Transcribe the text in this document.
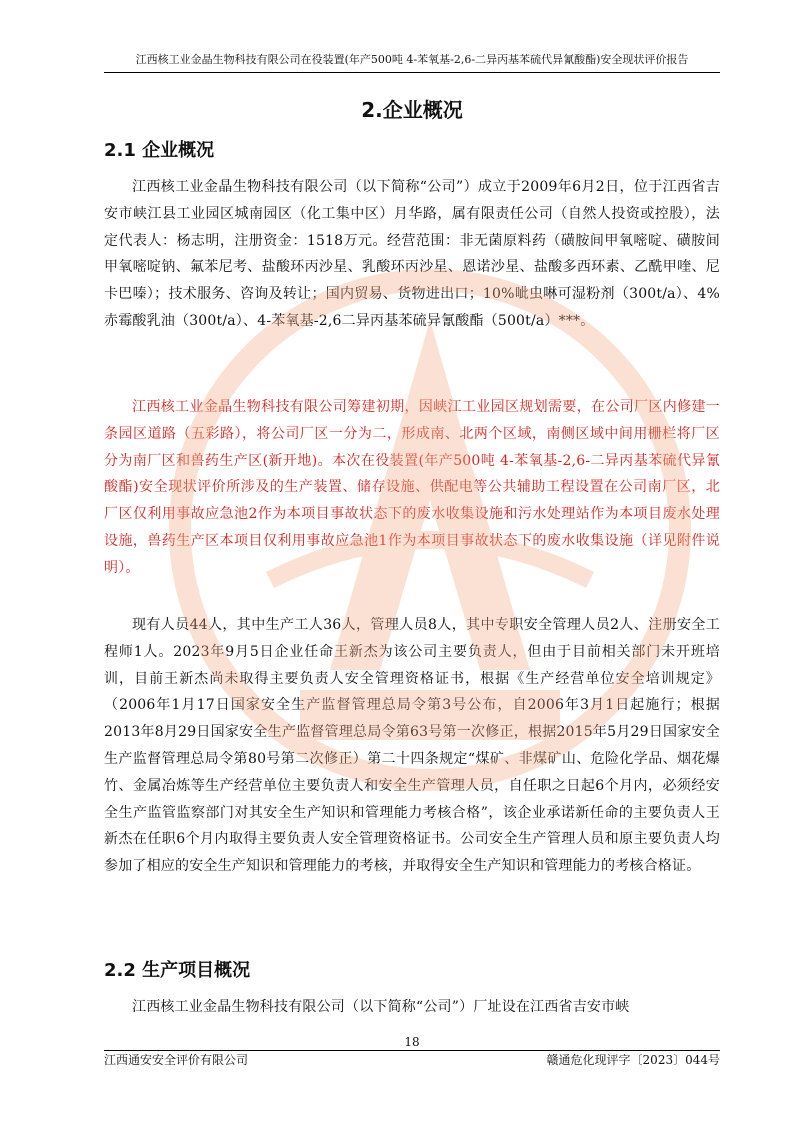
江西核工业金晶生物科技有限公司在役装置(年产500吨 4-苯氧基-2,6-二异丙基苯硫代异氰酸酯)安全现状评价报告
2.企业概况
2.1 企业概况

江西核工业金晶生物科技有限公司（以下简称“公司”）成立于2009年6月2日，位于江西省吉安市峡江县工业园区城南园区（化工集中区）月华路，属有限责任公司（自然人投资或控股），法定代表人：杨志明，注册资金：1518万元。经营范围：非无菌原料药（磺胺间甲氧嘧啶、磺胺间甲氧嘧啶钠、氟苯尼考、盐酸环丙沙星、乳酸环丙沙星、恩诺沙星、盐酸多西环素、乙酰甲喹、尼卡巴嗪）；技术服务、咨询及转让；国内贸易、货物进出口；10%呲虫啉可湿粉剂（300t/a）、4%赤霉酸乳油（300t/a）、4-苯氧基-2,6二异丙基苯硫异氰酸酯（500t/a）***。

江西核工业金晶生物科技有限公司筹建初期，因峡江工业园区规划需要，在公司厂区内修建一条园区道路（五彩路），将公司厂区一分为二，形成南、北两个区域，南侧区域中间用栅栏将厂区分为南厂区和兽药生产区(新开地)。本次在役装置(年产500吨 4-苯氧基-2,6-二异丙基苯硫代异氰酸酯)安全现状评价所涉及的生产装置、储存设施、供配电等公共辅助工程设置在公司南厂区，北厂区仅利用事故应急池2作为本项目事故状态下的废水收集设施和污水处理站作为本项目废水处理设施，兽药生产区本项目仅利用事故应急池1作为本项目事故状态下的废水收集设施（详见附件说明）。

现有人员44人，其中生产工人36人，管理人员8人，其中专职安全管理人员2人、注册安全工程师1人。2023年9月5日企业任命王新杰为该公司主要负责人，但由于目前相关部门未开班培训，目前王新杰尚未取得主要负责人安全管理资格证书，根据《生产经营单位安全培训规定》（2006年1月17日国家安全生产监督管理总局令第3号公布，自2006年3月1日起施行；根据2013年8月29日国家安全生产监督管理总局令第63号第一次修正，根据2015年5月29日国家安全生产监督管理总局令第80号第二次修正）第二十四条规定“煤矿、非煤矿山、危险化学品、烟花爆竹、金属冶炼等生产经营单位主要负责人和安全生产管理人员，自任职之日起6个月内，必须经安全生产监管监察部门对其安全生产知识和管理能力考核合格”，该企业承诺新任命的主要负责人王新杰在任职6个月内取得主要负责人安全管理资格证书。公司安全生产管理人员和原主要负责人均参加了相应的安全生产知识和管理能力的考核，并取得安全生产知识和管理能力的考核合格证。

2.2 生产项目概况

江西核工业金晶生物科技有限公司（以下简称“公司”）厂址设在江西省吉安市峡

18
江西通安安全评价有限公司	赣通危化现评字〔2023〕044号
